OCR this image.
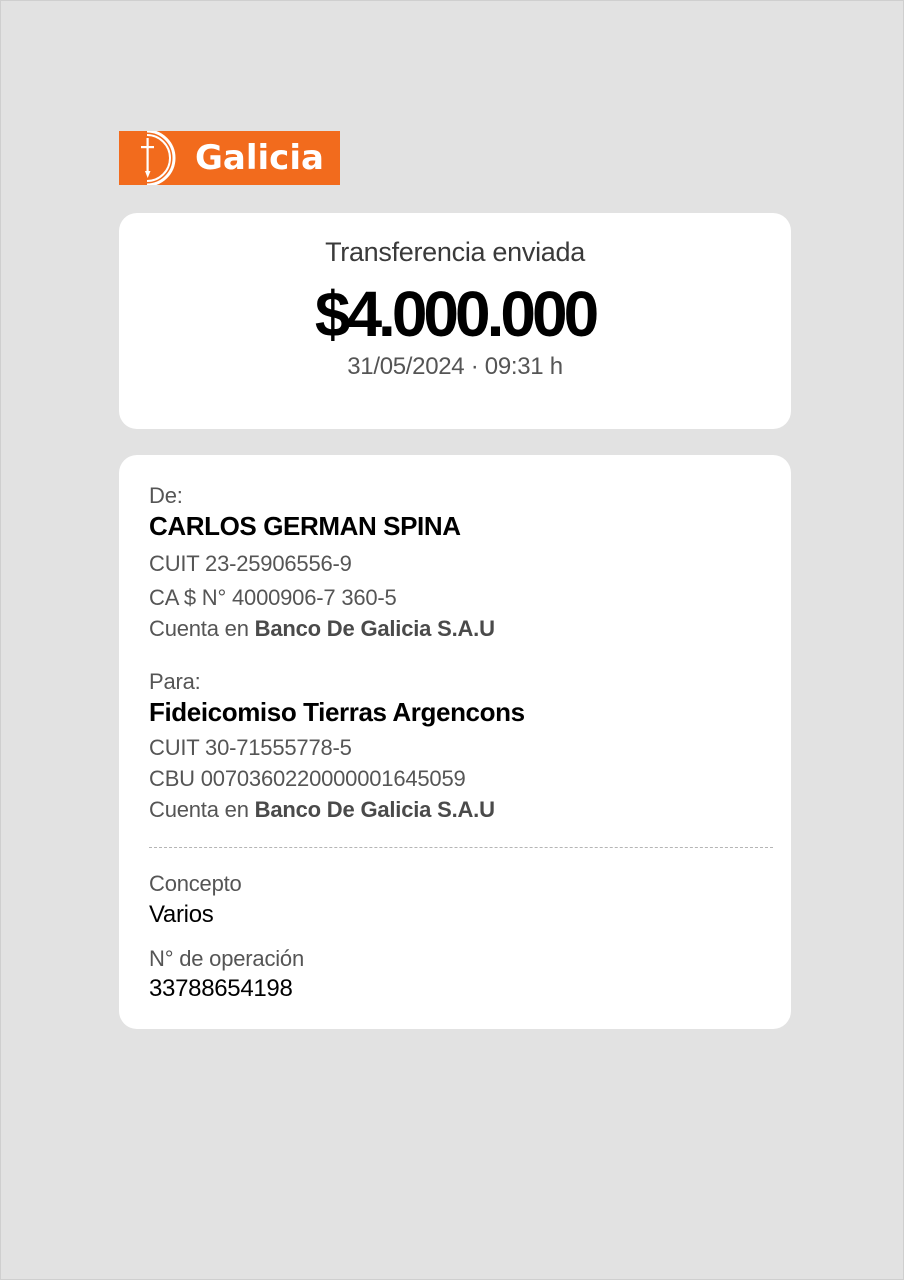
Galicia
Transferencia enviada
$4.000.000
31/05/2024 · 09:31 h
De:
CARLOS GERMAN SPINA
CUIT 23-25906556-9
CA $ N° 4000906-7 360-5
Cuenta en Banco De Galicia S.A.U
Para:
Fideicomiso Tierras Argencons
CUIT 30-71555778-5
CBU 0070360220000001645059
Cuenta en Banco De Galicia S.A.U
Concepto
Varios
N° de operación
33788654198
